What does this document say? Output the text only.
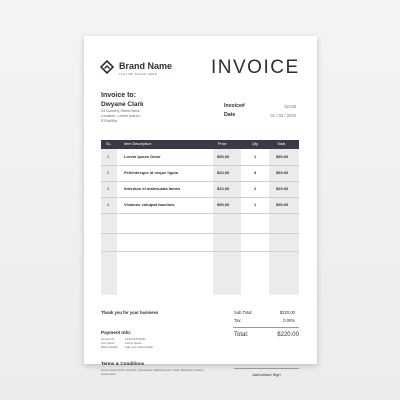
Brand Name
TAGLINE SHAGE HERE	INVOICE
Invoice to:
Dwyane Clark
24 Dummy Street Area,
Location, Lorem Ipsum,
570xx59x
Invoice#	52148
Date	01 / 02 / 2020
SL.	Item Description	Price	Qty.	Total
1	Lorem Ipsum Dolor	$50.00	1	$50.00
2	Pellentesque id neque ligula	$20.00	3	$60.00
3	Interdum et malesuada fames	$10.00	2	$20.00
4	Vivamus volutpat faucibus	$90.00	1	$90.00
Thank you for your business	Sub Total:	$220.00
Tax:	0.00%
Total:	$220.00
Payment Info:
Account #:	1234 5678 9012
A/C Name:	Lorem Ipsum
Bank Details: Add your bank details
Terms & Conditions
Lorem ipsum dolor sit amet, consectetur adipiscing elit. Fusce dignissim pretium consectetur.	Authorised Sign
